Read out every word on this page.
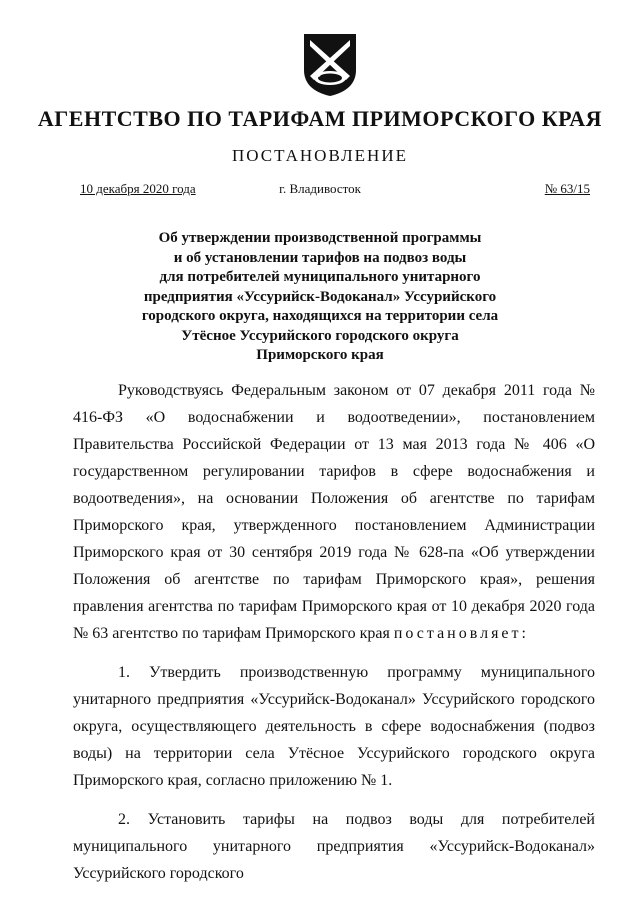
АГЕНТСТВО ПО ТАРИФАМ ПРИМОРСКОГО КРАЯ
ПОСТАНОВЛЕНИЕ
10 декабря 2020 года	г. Владивосток	№ 63/15
Об утверждении производственной программы
и об установлении тарифов на подвоз воды
для потребителей муниципального унитарного
предприятия «Уссурийск-Водоканал» Уссурийского
городского округа, находящихся на территории села
Утёсное Уссурийского городского округа
Приморского края

Руководствуясь Федеральным законом от 07 декабря 2011 года № 416-ФЗ «О водоснабжении и водоотведении», постановлением Правительства Российской Федерации от 13 мая 2013 года № 406 «О государственном регулировании тарифов в сфере водоснабжения и водоотведения», на основании Положения об агентстве по тарифам Приморского края, утвержденного постановлением Администрации Приморского края от 30 сентября 2019 года № 628-па «Об утверждении Положения об агентстве по тарифам Приморского края», решения правления агентства по тарифам Приморского края от 10 декабря 2020 года № 63 агентство по тарифам Приморского края постановляет:

1. Утвердить производственную программу муниципального унитарного предприятия «Уссурийск-Водоканал» Уссурийского городского округа, осуществляющего деятельность в сфере водоснабжения (подвоз воды) на территории села Утёсное Уссурийского городского округа Приморского края, согласно приложению № 1.

2. Установить тарифы на подвоз воды для потребителей муниципального унитарного предприятия «Уссурийск-Водоканал» Уссурийского городского
